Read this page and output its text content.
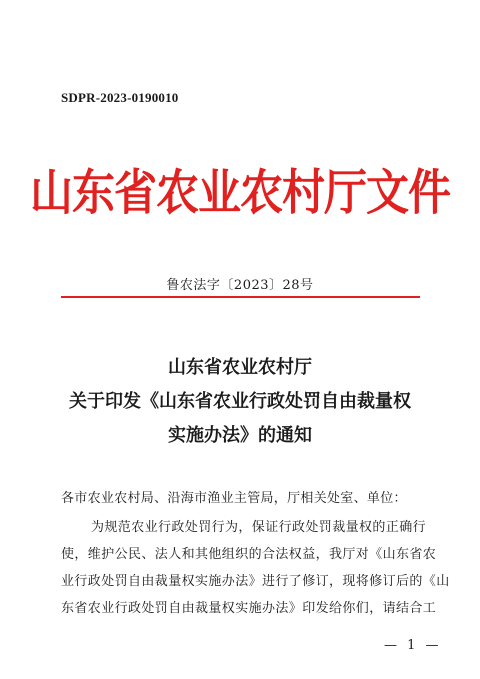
SDPR-2023-0190010
山东省农业农村厅文件
鲁农法字〔2023〕28号
山东省农业农村厅
关于印发《山东省农业行政处罚自由裁量权
实施办法》的通知
各市农业农村局、沿海市渔业主管局，厅相关处室、单位：
为规范农业行政处罚行为，保证行政处罚裁量权的正确行
使，维护公民、法人和其他组织的合法权益，我厅对《山东省农
业行政处罚自由裁量权实施办法》进行了修订，现将修订后的《山
东省农业行政处罚自由裁量权实施办法》印发给你们，请结合工
— 1 —
